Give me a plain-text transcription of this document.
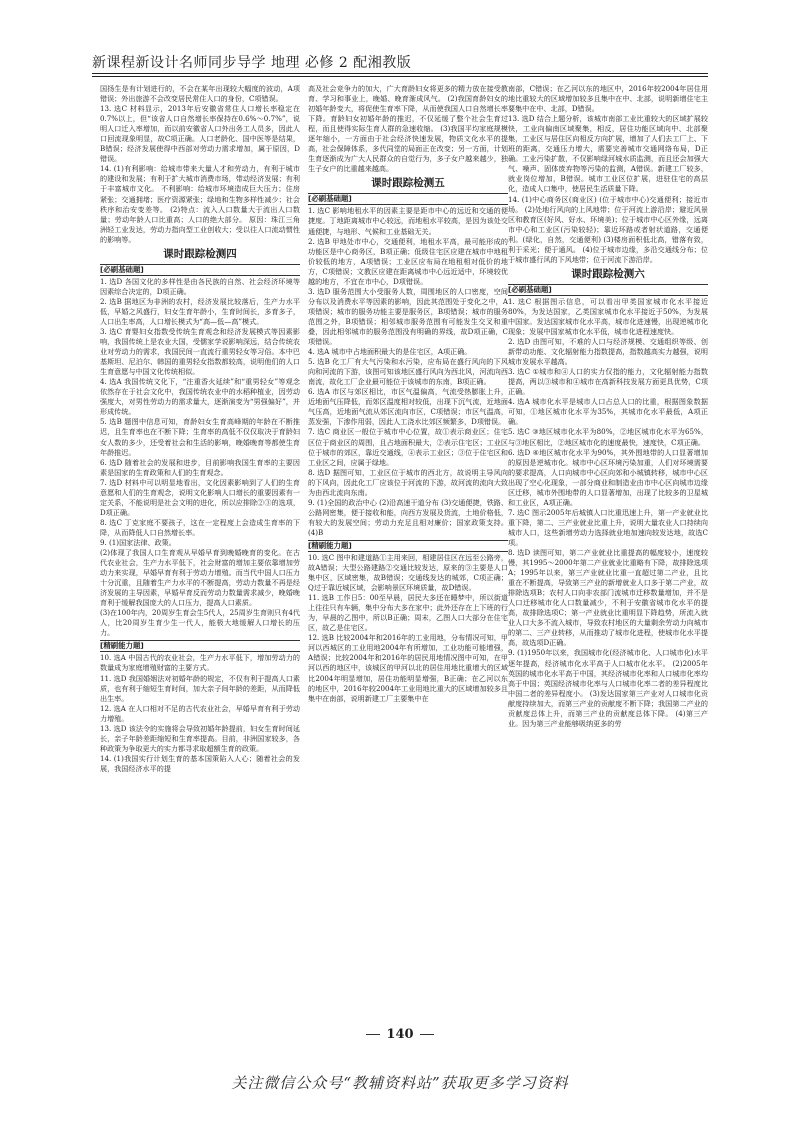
新课程新设计名师同步导学 地理 必修 2 配湘教版

国扬生是有计划进行的，不会在某年出现较大幅度的波动，A项错误；外出旅游不会改变居民常住人口的身份，C项错误。

13. 选C 材料显示，2013年后安徽省常住人口增长率稳定在0.7%以上，但“该省人口自然增长率保持在0.6%～0.7%”，说明人口迁入率增加，而以前安徽省人口外出务工人员多，因此人口回流现象明显，故C项正确。人口老龄化、国中医等是结果，B错误；经济发展使得中西部对劳动力需求增加，属于原因，D错误。

14. (1)有利影响：给城市带来大量人才和劳动力，有利于城市的建设和发展；有利于扩大城市消费市场，带动经济发展；有利于丰富城市文化。 不利影响：给城市环境造成巨大压力；住房紧张；交通拥堵；医疗资源紧张；绿地和生物多样性减少；社会秩序和治安变差等。 (2)特点：流入人口数量大于流出人口数量；劳动年龄人口比重高；人口的绝大部分。 原因：珠江三角洲轻工业发达，劳动力指向型工业创收大；受以往人口流动惯性的影响等。

课时跟踪检测四
[必刷基础题]

1. 选D 各国文化的多样性是由各民族的自然、社会经济环境等因素综合决定的，D项正确。

2. 选B 据地区为非洲的农村，经济发展比较落后，生产力水平低，早婚之风盛行，妇女生育年龄小，生育时间长，多育多子，人口出生率高，人口增长模式为“高—低—高”模式。

3. 选C 育婴妇女指数受传统生育观念和经济发展模式等因素影响，我国传统上是农业大国，受儒家学说影响深远，结合传统农业对劳动力的需求，我国民间一直流行重男轻女等习俗。本中巴基斯坦、尼泊尔、韩国的重男轻女指数都较高，说明他们的人口生育意愿与中国文化传统相似。

4. 选A 我国传统文化下，“注重香火延续”和“重男轻女”等观念依然存在于社会文化中，我国传统农业中的水稻种植业，因劳动强度大，对男性劳动力的需求量大，逐渐演变为“男强偏好”，并形成传统。

5. 选B 题图中信息可知，育龄妇女生育高峰期的年龄在不断推迟，且生育率也在不断下降；生育率的高低不仅仅取决于育龄妇女人数的多少，还受着社会和生活的影响，晚婚晚育等都使生育年龄推迟。

6. 选D 随着社会的发展和进步，目前影响我国生育率的主要因素是国家的生育政策和人们的生育观念。

7. 选D 材料中可以明显地看出，文化因素影响到了人们的生育意愿和人们的生育观念，说明文化影响人口增长的重要因素有一定关系，不能说明是社会文明的进化，所以应排除②③的选项，D项正确。

8. 选C 丁克家庭不要孩子，这在一定程度上会造成生育率的下降，从而降低人口自然增长率。

9. (1)国家法律、政策。

(2)体现了我国人口生育观从早婚早育到晚婚晚育的变化。在古代农业社会，生产力水平低下，社会财富的增加主要依靠增加劳动力来实现，早婚早育有利于劳动力增殖。而当代中国人口压力十分沉重，且随着生产力水平的不断提高，劳动力数量不再是经济发展的主导因素，早婚早育反而劳动力数量需求减少，晚婚晚育利于缓解我国庞大的人口压力，提高人口素质。

(3)在100年内，20周岁生育会生5代人，25周岁生育则只有4代人，比20周岁生育少生一代人，能极大地缓解人口增长的压力。

[精刷能力题]

10. 选A 中国古代的农业社会，生产力水平低下，增加劳动力的数量成为家庭增殖财富的主要方式。

11. 选D 我国婚姻法对初婚年龄的规定，不仅有利于提高人口素质，也有利于缩短生育时间，加大亲子间年龄的差距，从而降低出生率。

12. 选A 在人口相对不足的古代农业社会，早婚早育有利于劳动力增殖。

13. 选D 该法令的实施将会导致初婚年龄提前，妇女生育时间延长，亲子年龄差距缩短和生育率提高。目前，非洲国家较多，各种政策为争取更大的实力都寻求取超额生育的政策。

14. (1)我国实行计划生育的基本国策陷入人心；随着社会的发展，我国经济水平的提

高及社会竞争力的加大，广大育龄妇女将更多的精力放在接受教育、学习和事业上，晚婚、晚育渐成风气。 (2)我国育龄妇女的初婚年龄变大，将促使生育率下降，从而使我国人口自然增长率下降。育龄妇女初婚年龄的推迟，不仅延缓了整个社会生育过程，而且使得实际生育人群的急速收缩。 (3)我国平均家庭规模逐年缩小，一方面由于社会经济快速发展，物质文化水平的提高，社会保障体系，多代同堂的局面正在改变；另一方面，计划生育逐渐成为广大人民群众的自觉行为，多子女户越来越少，独生子女户的比重越来越高。

课时跟踪检测五
[必刷基础题]

1. 选C 影响地租水平的因素主要是距市中心的远近和交通的便捷度。丁地距离城市中心较远，而地租水平较高，是因为该处交通便捷，与地形、气候和工业基础无关。

2. 选B 甲地处市中心，交通便利，地租水平高，最可能形成的功能区是中心商务区，B项正确；低级住宅区应建在城市中地租价较低的地方，A项错误；工业区应布局在地租相对低价的地方，C项错误；文教区应建在距离城市中心远近适中，环境较优越的地方，不宜在市中心，D项错误。

3. 选D 服务范围大小受服务人数，周围地区的人口密度，空间分布以及消费水平等因素的影响，因此其范围处于变化之中，A项错误；城市的服务功能主要是服务区，B项错误；城市的服务范围之外，B项错误；相邻城市服务范围有可能发生交叉和重叠，因此相邻城市的服务范围没有明确的界线，故D项正确，C项错误。

4. 选A 城市中占地面积最大的是住宅区，A项正确。

5. 选B 化工厂有大气污染和水污染，应布局在盛行风向的下风向和河流的下游，该图可知该地区盛行风向为西北风，河流向西南流，故化工厂企业最可能位于该城市的东南，B项正确。

6. 选A 市区与郊区相比，市区气温偏高，气流受热膨胀上升，近地面气压降低，而郊区温度相对较低，出现下沉气流，近地面气压高，近地面气流从郊区流向市区，C项错误；市区气温高，蒸发强，下渗作用弱，因此人工浇水比郊区频繁多，D项错误。

7. 选C 商业区一般位于城市中心位置，故①表示商业区；住宅区位于商业区的周围，且占地面积最大，②表示住宅区；工业区位于城市的郊区，靠近交通线，④表示工业区；③位于住宅区和工业区之间，应属于绿地。

8. 选D 据图可知，工业区位于城市的西北方，故说明主导风向的下风向，因此化工厂应该位于河流的下游，故河流的流向大致为由西北流向东南。

9. (1)全国的政治中心 (2)沿高速干道分布 (3)交通便捷，铁路、公路网密集，便于接收和能，向西方发展及货流，土地价格低，有较大的发展空间；劳动力充足且相对廉价；国家政策支持。 (4)B

[精刷能力题]

10. 选C 图中和建道路①主用来回，相建居住区在远至公路旁，故A错误；大型公路建路②交通比较发达，原来的③主要是人口集中区，区域密集，故B错误；交通线发达的城郊，C项正确；Q过于靠近城区域，会影响景区环境质量，故D错误。

11. 选B 工作日5：00至早晨，居民大多还在睡梦中，所以街道上往往只有车辆，集中分布大多在家中；此外还存在上下班的行为，早晨的乙图中，所以B正确；周末，乙图人口大部分在住宅区，故乙是住宅区。

12. 选B 比较2004年和2016年的工业用地，分布情况可知，甲河以西城区的工业用地2004年有所增加，工业功能可能增强，A错误；比较2004年和2016年的居民用地情况图中可知，在甲河以西的地区中，该城区的甲河以北的居住用地比重增大的区域比2004年明显增加，居住功能明显增强，B正确；在乙河以东的地区中，2016年较2004年工业用地比重大的区域增加较多且集中在南部，说明新建工厂主要集中在

南部，C错误；在乙河以东的地区中，2016年较2004年居住用地比重较大的区域增加较多且集中在中、北部，说明新增住宅主要集中在中、北部，D错误。

13. 选D 结合上题分析，该城市南部工业比重较大的区域扩展较快，工业向偏南区域聚集，相反，居住功能区域向中、北部聚集，工业区与居住区向相反方向扩展，增加了人们去工厂上、下班的距离，交通压力增大，需要完善城市交通网络布局，D正确。工业污染扩散，不仅影响绿河城水质监测，而且还会加强大气、噪声、固体废弃物等污染的监测，A错误。新建工厂较多，就业岗位增加，B错误。城市工业区位扩展，进驻住宅的高层化，造成人口集中，使居民生活质量下降。

14. (1)中心商务区(商业区) (位于城市中心)交通便利；接近市场。 (2)处地行风向的上风地带；位于河流上游沿岸；避近风景区和教育区(好风、好水、环境美)；位于城市中心区外缘，远离市中心和工业区(污染较轻)；靠近环路或者射状道路，交通便利。(绿化，自然，交通便利) (3)楼房面积低北高，错落有致，利于采光；便于通风。 (4)位于城市边缘，多沿交通线分布；位于城市盛行风的下风地带；位于河流下游沿岸。

课时跟踪检测六
[必刷基础题]

1. 选C 根据图示信息，可以看出甲类国家城市化水平接近80%，为发达国家，乙类国家城市化水平接近于50%，为发展中国家。发达国家城市化水平高，城市化进速慢，出现逆城市化现象；发展中国家城市化水平低，城市化进程速度快。

2. 选D 由图可知，不难的人口与经济规模、交通组织等级、创新带动功能、文化辐射能力指数提高，指数越高实力越强，说明城市发展水平越高。

3. 选C ①城市和④人口的实力仅指的能力，文化辐射能力指数提高，两以③城市和④城市在高新科技发展方面更具优势，C项正确。

4. 选A 城市化水平是城市人口占总人口的比重，根据图象数据可知，①地区城市化水平为35%，其城市化水平最低，A项正确。

5. 选C ③地区城市化水平为80%，②地区城市化水平为65%，与③地区相比，②地区城市化的速度最快，速度快，C项正确。

6. 选D ④地区城市化水平为90%，其外围地带的人口显著增加的原因是逆城市化。城市中心区环境污染加重，人们对环境需要的要求提高，人口向城市中心区向郊和小城镇转移，城市中心区出现了空心化现象，一部分商业和制造业由市中心区向城市边缘区迁移，城市外围地带的人口显著增加，出现了比较多的卫星城和工业区，A项正确。

7. 选C 图示2005年后城镇人口比重迅速上升，第一产业就业比重下降，第二、三产业就业比重上升，说明大量农业人口持续向城市人口，这些新增劳动力选择就业地加速向较发达地，故选C项。

8. 选D 读图可知，第二产业就业比重提高的幅度较小，速度较慢，其1995～2000年第二产业就业比重略有下降，故排除选项A；1995年以来，第三产业就业比重一直超过第二产业，且比重在不断提高，导致第三产业的新增就业人口多于第二产业，故排除选项B；农村人口向非农部门流城市迁移数量增加，并不是人口迁移城市化人口数量减少，不利于安徽省城市化水平的提高，故排除选项C；第一产业就业比重明显下降趋势，所流入就业人口大多不流入城市，导致农村地区的大量剩余劳动力向城市的第二、三产业转移，从而推动了城市化进程，使城市化水平提高，故选项D正确。

9. (1)1950年以来，我国城市化(经济城市化、人口城市化)水平逐年提高，经济城市化水平高于人口城市化水平。 (2)2005年英国的城市化水平高于中国，其经济城市化率和人口城市化率均高于中国；英国经济城市化率与人口城市化率二者的差异程度比中国二者的差异程度小。 (3)发达国家第三产业对人口城市化贡献度持续加大，而第三产业的贡献度不断下降；我国第二产业的贡献度总体上升，而第三产业的贡献度总体下降。 (4)第三产业。因为第三产业能够吸纳更多的劳

140
关注微信公众号“教辅资料站”获取更多学习资料
